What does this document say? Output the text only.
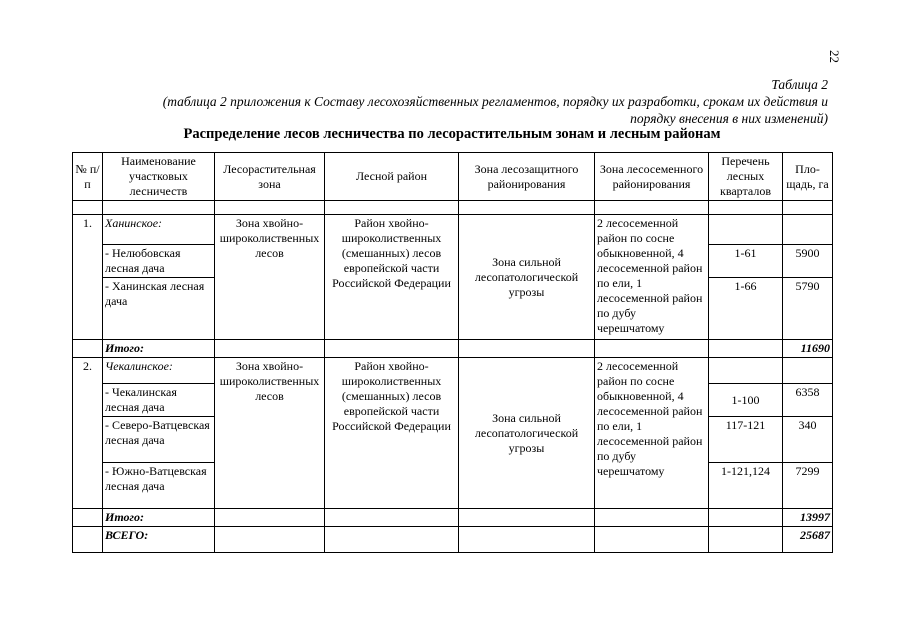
22
Таблица 2
(таблица 2 приложения к Составу лесохозяйственных регламентов, порядку их разработки, срокам их действия и
порядку внесения в них изменений)
Распределение лесов лесничества по лесорастительным зонам и лесным районам
№ п/п	Наименование участковых лесничеств	Лесорастительная зона	Лесной район	Зона лесозащитного районирования	Зона лесосеменного районирования	Перечень лесных кварталов	Пло-щадь, га

1.	Ханинское:	Зона хвойно-широколиственных лесов	Район хвойно-широколиственных (смешанных) лесов европейской части Российской Федерации	Зона сильной лесопатологической угрозы	2 лесосеменной район по сосне обыкновенной, 4 лесосеменной район по ели, 1 лесосеменной район по дубу черешчатому		
	- Нелюбовская лесная дача					1-61	5900
	- Ханинская лесная дача					1-66	5790
	Итого:						11690
2.	Чекалинское:	Зона хвойно-широколиственных лесов	Район хвойно-широколиственных (смешанных) лесов европейской части Российской Федерации	Зона сильной лесопатологической угрозы	2 лесосеменной район по сосне обыкновенной, 4 лесосеменной район по ели, 1 лесосеменной район по дубу черешчатому		
	- Чекалинская лесная дача					1-100	6358
	- Северо-Ватцевская лесная дача					117-121	340
	- Южно-Ватцевская лесная дача					1-121,124	7299
	Итого:						13997
	ВСЕГО:						25687
